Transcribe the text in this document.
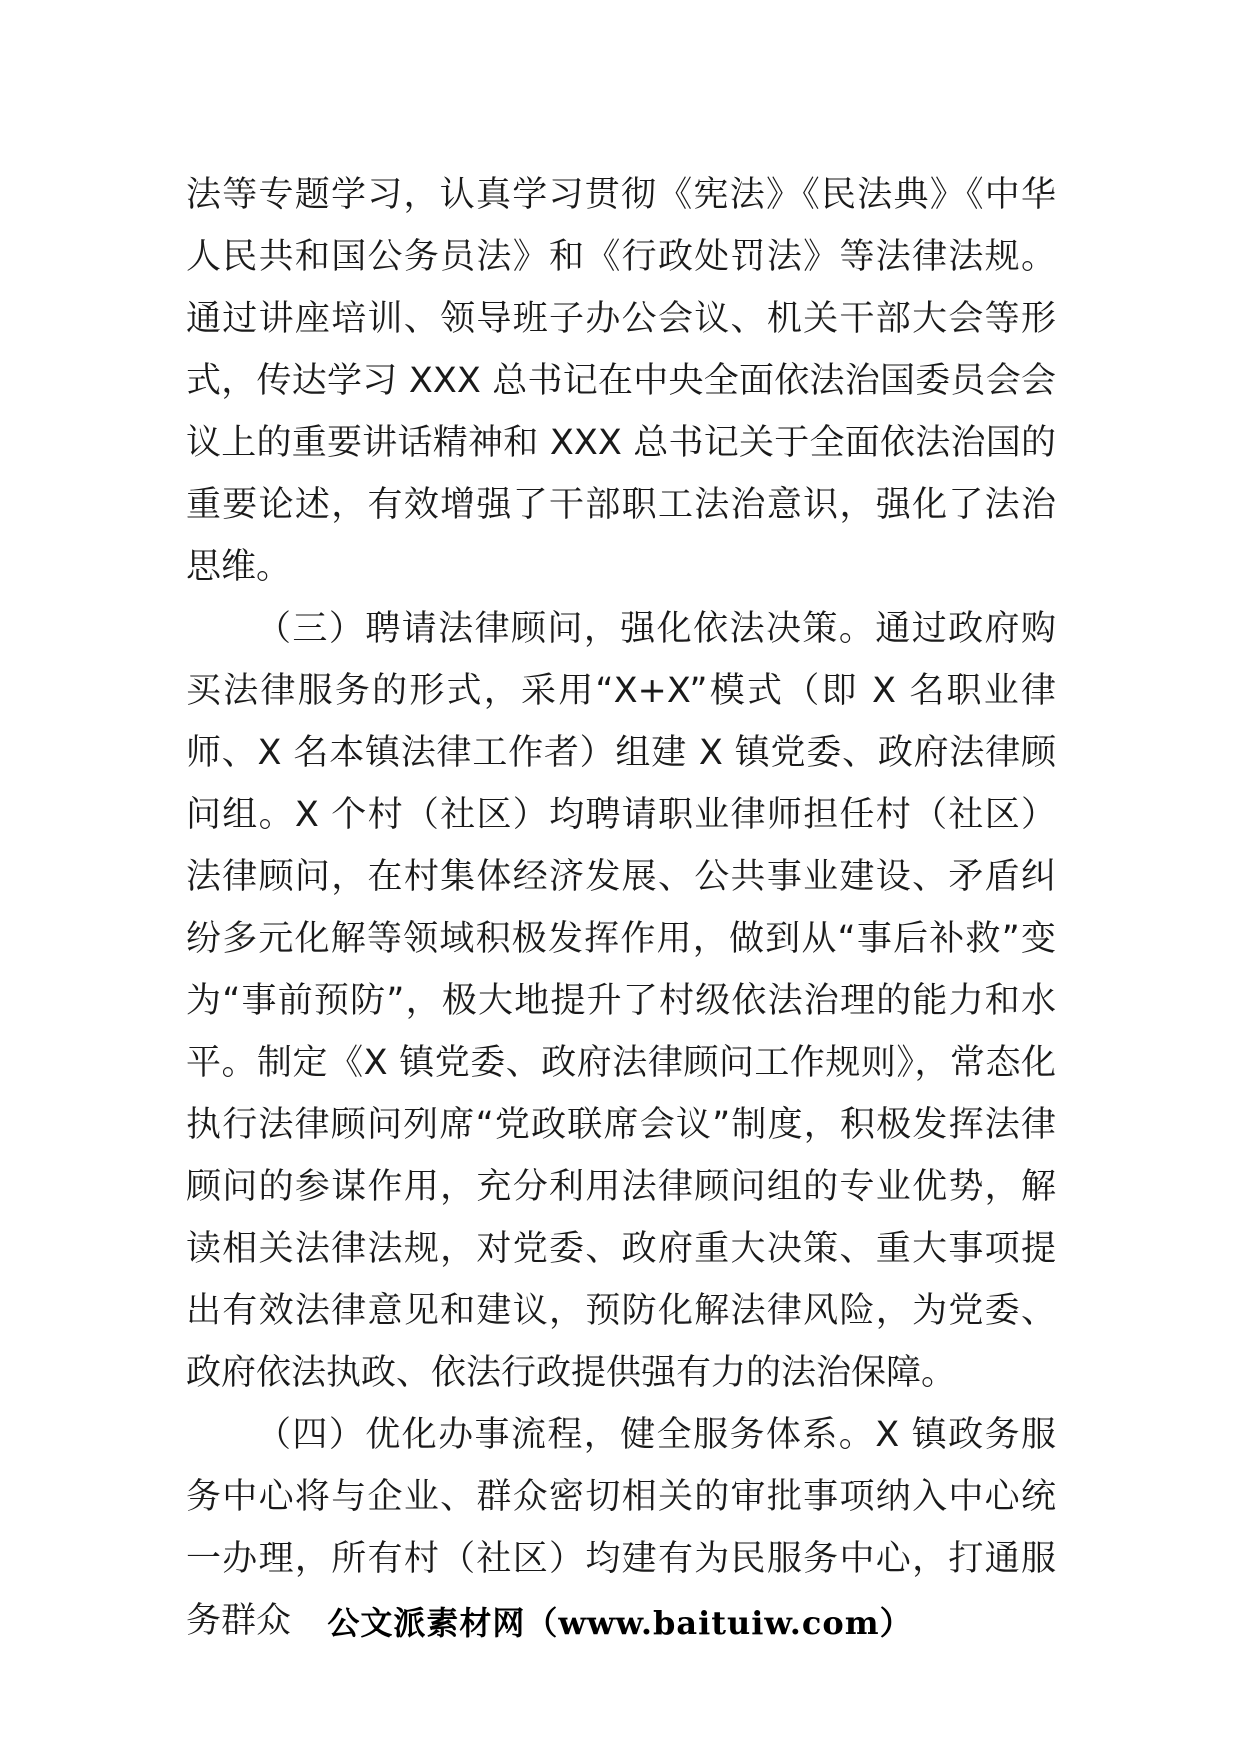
法等专题学习，认真学习贯彻《宪法》《民法典》《中华人民共和国公务员法》和《行政处罚法》等法律法规。通过讲座培训、领导班子办公会议、机关干部大会等形式，传达学习 XXX 总书记在中央全面依法治国委员会会议上的重要讲话精神和 XXX 总书记关于全面依法治国的重要论述，有效增强了干部职工法治意识，强化了法治思维。

（三）聘请法律顾问，强化依法决策。通过政府购买法律服务的形式，采用“X+X”模式（即 X 名职业律师、X 名本镇法律工作者）组建 X 镇党委、政府法律顾问组。X 个村（社区）均聘请职业律师担任村（社区）法律顾问，在村集体经济发展、公共事业建设、矛盾纠纷多元化解等领域积极发挥作用，做到从“事后补救”变为“事前预防”，极大地提升了村级依法治理的能力和水平。制定《X 镇党委、政府法律顾问工作规则》，常态化执行法律顾问列席“党政联席会议”制度，积极发挥法律顾问的参谋作用，充分利用法律顾问组的专业优势，解读相关法律法规，对党委、政府重大决策、重大事项提出有效法律意见和建议，预防化解法律风险，为党委、政府依法执政、依法行政提供强有力的法治保障。

（四）优化办事流程，健全服务体系。X 镇政务服务中心将与企业、群众密切相关的审批事项纳入中心统一办理，所有村（社区）均建有为民服务中心，打通服务群众	公文派素材网（www.baituiw.com）
